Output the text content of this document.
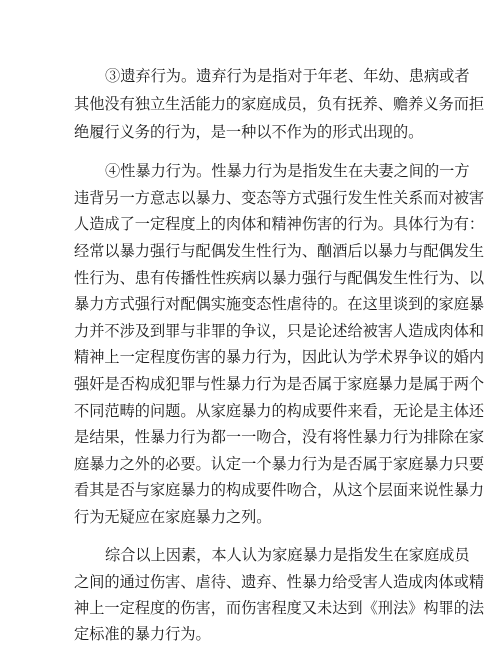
③遗弃行为。遗弃行为是指对于年老、年幼、患病或者
其他没有独立生活能力的家庭成员，负有抚养、赡养义务而拒
绝履行义务的行为，是一种以不作为的形式出现的。
④性暴力行为。性暴力行为是指发生在夫妻之间的一方
违背另一方意志以暴力、变态等方式强行发生性关系而对被害
人造成了一定程度上的肉体和精神伤害的行为。具体行为有：
经常以暴力强行与配偶发生性行为、酗酒后以暴力与配偶发生
性行为、患有传播性性疾病以暴力强行与配偶发生性行为、以
暴力方式强行对配偶实施变态性虐待的。在这里谈到的家庭暴
力并不涉及到罪与非罪的争议，只是论述给被害人造成肉体和
精神上一定程度伤害的暴力行为，因此认为学术界争议的婚内
强奸是否构成犯罪与性暴力行为是否属于家庭暴力是属于两个
不同范畴的问题。从家庭暴力的构成要件来看，无论是主体还
是结果，性暴力行为都一一吻合，没有将性暴力行为排除在家
庭暴力之外的必要。认定一个暴力行为是否属于家庭暴力只要
看其是否与家庭暴力的构成要件吻合，从这个层面来说性暴力
行为无疑应在家庭暴力之列。
综合以上因素，本人认为家庭暴力是指发生在家庭成员
之间的通过伤害、虐待、遗弃、性暴力给受害人造成肉体或精
神上一定程度的伤害，而伤害程度又未达到《刑法》构罪的法
定标准的暴力行为。
